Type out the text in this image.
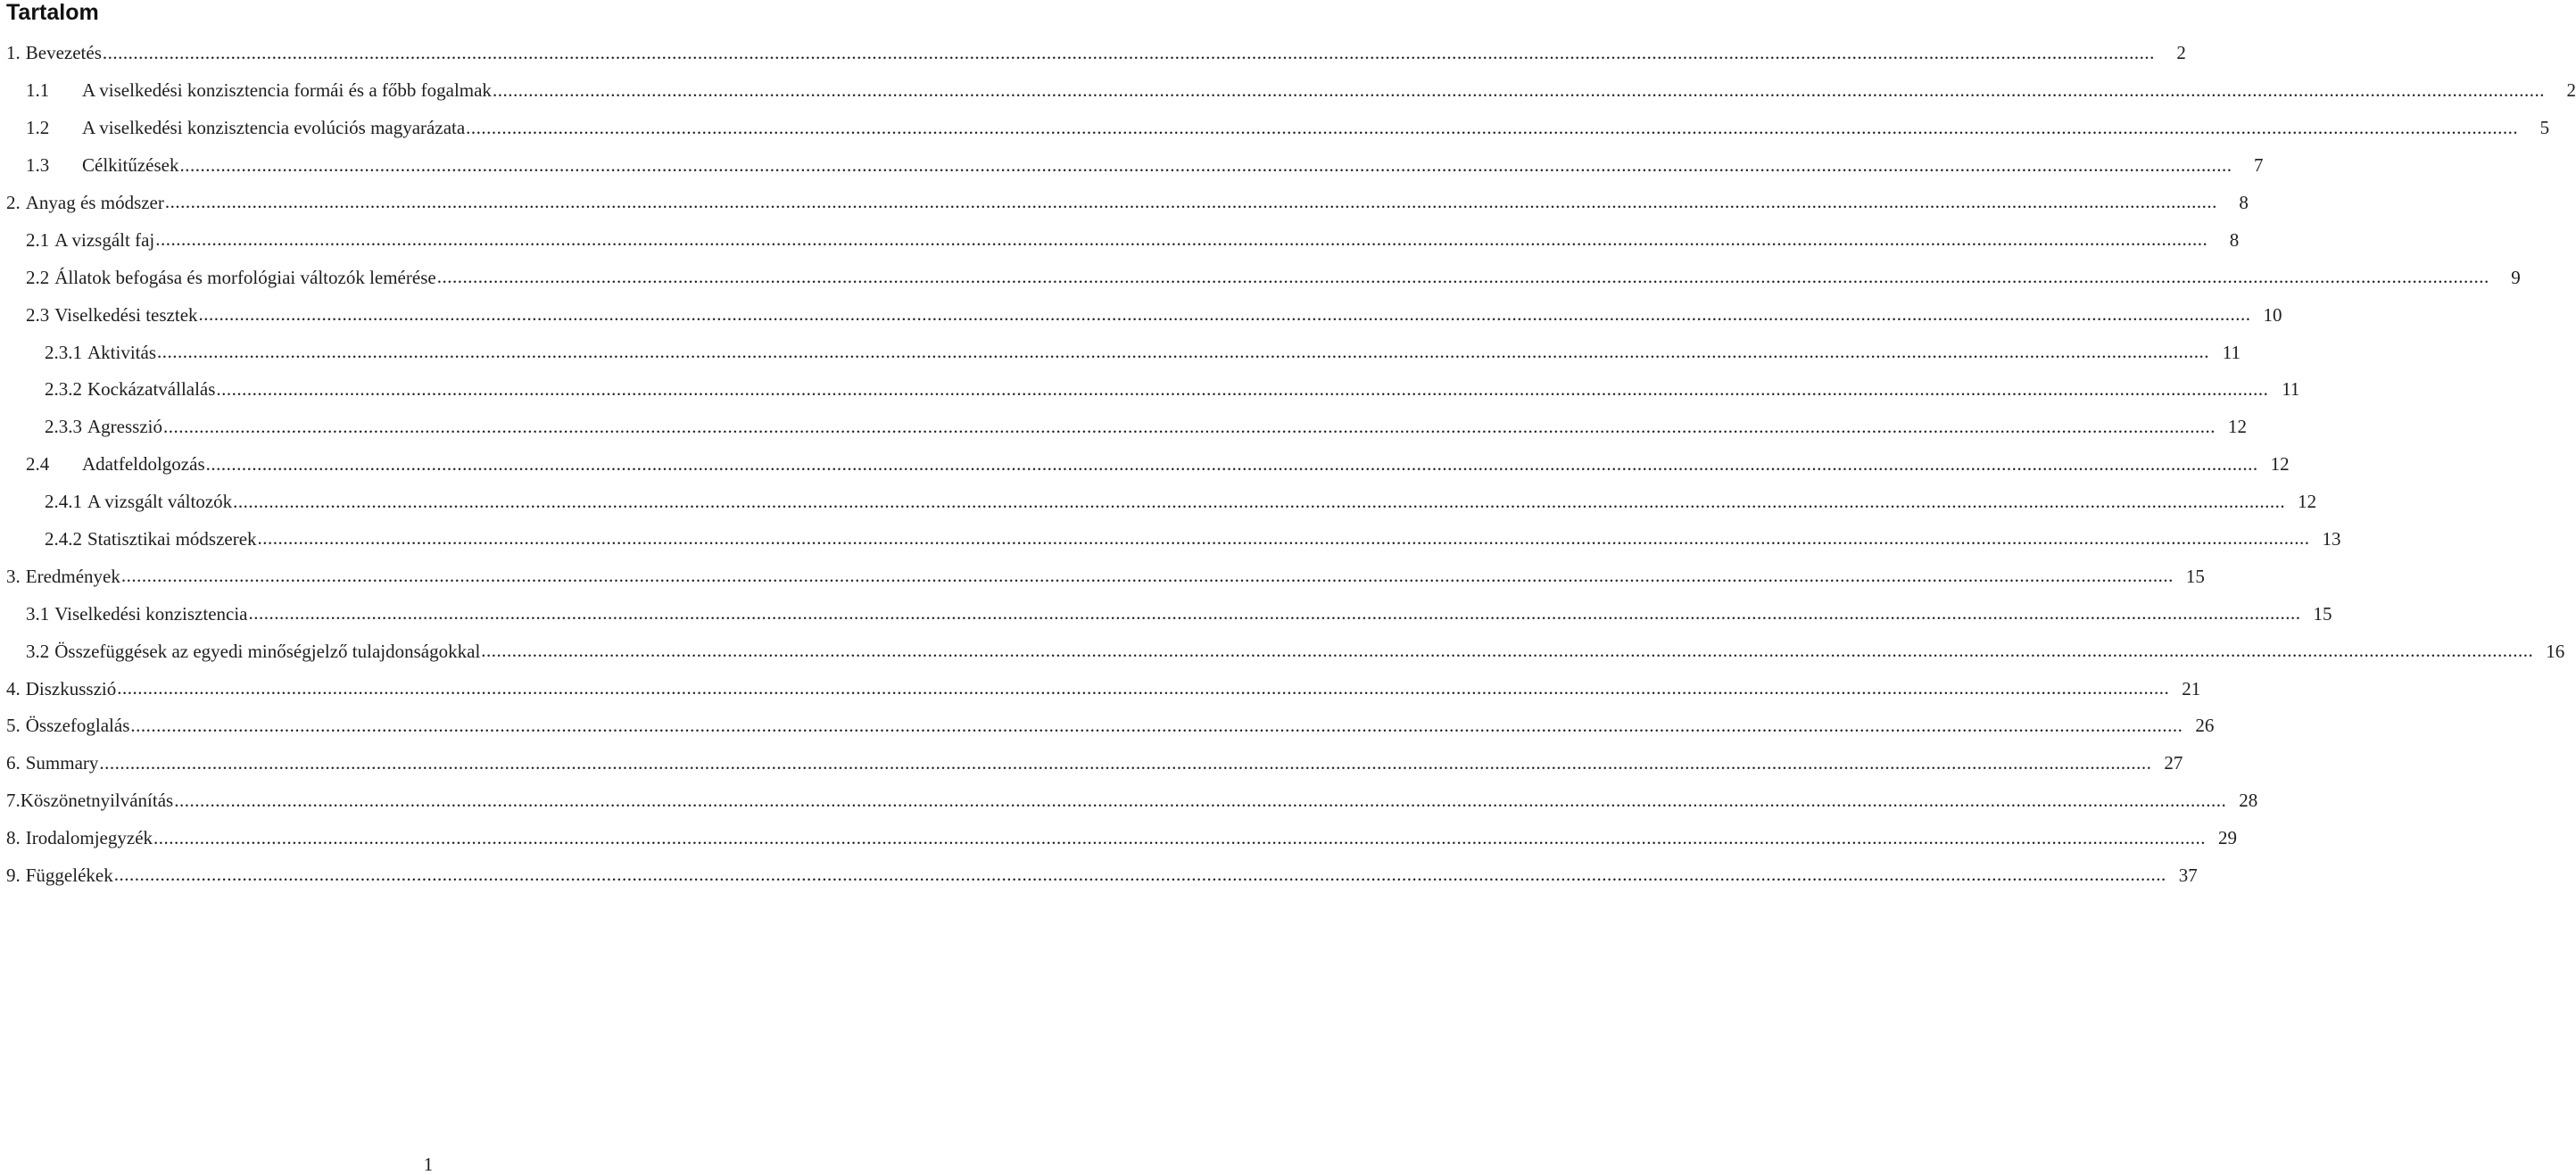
Tartalom
1. Bevezetés ................................................................................................................................................................................................................................................................................................................................................................................................................	2
1.1	A viselkedési konzisztencia formái és a főbb fogalmak ................................................................................................................................................................................................................................................................................................................................................................................................................	2
1.2	A viselkedési konzisztencia evolúciós magyarázata ................................................................................................................................................................................................................................................................................................................................................................................................................	5
1.3	Célkitűzések ................................................................................................................................................................................................................................................................................................................................................................................................................	7
2. Anyag és módszer ................................................................................................................................................................................................................................................................................................................................................................................................................	8
2.1 A vizsgált faj ................................................................................................................................................................................................................................................................................................................................................................................................................	8
2.2 Állatok befogása és morfológiai változók lemérése ................................................................................................................................................................................................................................................................................................................................................................................................................	9
2.3 Viselkedési tesztek ................................................................................................................................................................................................................................................................................................................................................................................................................ 10
2.3.1 Aktivitás ................................................................................................................................................................................................................................................................................................................................................................................................................ 11
2.3.2 Kockázatvállalás ................................................................................................................................................................................................................................................................................................................................................................................................................ 11
2.3.3 Agresszió ................................................................................................................................................................................................................................................................................................................................................................................................................ 12
2.4	Adatfeldolgozás ................................................................................................................................................................................................................................................................................................................................................................................................................ 12
2.4.1 A vizsgált változók ................................................................................................................................................................................................................................................................................................................................................................................................................ 12
2.4.2 Statisztikai módszerek ................................................................................................................................................................................................................................................................................................................................................................................................................ 13
3. Eredmények ................................................................................................................................................................................................................................................................................................................................................................................................................ 15
3.1 Viselkedési konzisztencia ................................................................................................................................................................................................................................................................................................................................................................................................................ 15
3.2 Összefüggések az egyedi minőségjelző tulajdonságokkal ................................................................................................................................................................................................................................................................................................................................................................................................................ 16
4. Diszkusszió ................................................................................................................................................................................................................................................................................................................................................................................................................ 21
5. Összefoglalás ................................................................................................................................................................................................................................................................................................................................................................................................................ 26
6. Summary ................................................................................................................................................................................................................................................................................................................................................................................................................ 27
7. Köszönetnyilvánítás ................................................................................................................................................................................................................................................................................................................................................................................................................ 28
8. Irodalomjegyzék ................................................................................................................................................................................................................................................................................................................................................................................................................ 29
9. Függelékek ................................................................................................................................................................................................................................................................................................................................................................................................................ 37
1
